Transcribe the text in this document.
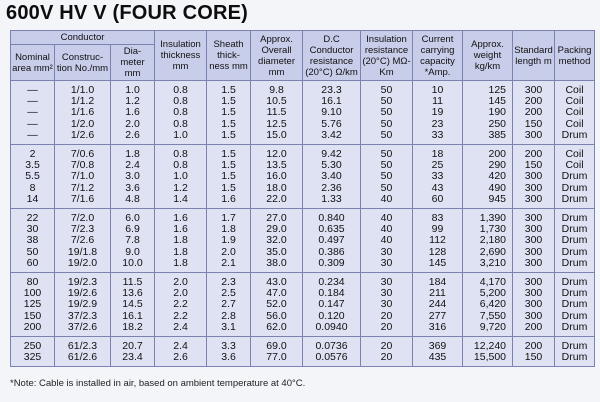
600V HV V (FOUR CORE)
Conductor			Insulation thickness mm	Sheath thick-ness mm	Approx. Overall diameter mm	D.C Conductor resistance (20°C) Ω/km	Insulation resistance (20°C) MΩ-Km	Current carrying capacity *Amp.	Approx. weight kg/km	Standard length m	Packing method
Nominal area mm²	Construc-tion No./mm	Dia-meter mm									
—	1/1.0	1.0	0.8	1.5	9.8	23.3	50	10	125	300	Coil
—	1/1.2	1.2	0.8	1.5	10.5	16.1	50	11	145	200	Coil
—	1/1.6	1.6	0.8	1.5	11.5	9.10	50	19	190	200	Coil
—	1/2.0	2.0	0.8	1.5	12.5	5.76	50	23	250	150	Coil
—	1/2.6	2.6	1.0	1.5	15.0	3.42	50	33	385	300	Drum
2	7/0.6	1.8	0.8	1.5	12.0	9.42	50	18	200	200	Coil
3.5	7/0.8	2.4	0.8	1.5	13.5	5.30	50	25	290	150	Coil
5.5	7/1.0	3.0	1.0	1.5	16.0	3.40	50	33	420	300	Drum
8	7/1.2	3.6	1.2	1.5	18.0	2.36	50	43	490	300	Drum
14	7/1.6	4.8	1.4	1.6	22.0	1.33	40	60	945	300	Drum
22	7/2.0	6.0	1.6	1.7	27.0	0.840	40	83	1,390	300	Drum
30	7/2.3	6.9	1.6	1.8	29.0	0.635	40	99	1,730	300	Drum
38	7/2.6	7.8	1.8	1.9	32.0	0.497	40	112	2,180	300	Drum
50	19/1.8	9.0	1.8	2.0	35.0	0.386	30	128	2,690	300	Drum
60	19/2.0	10.0	1.8	2.1	38.0	0.309	30	145	3,210	300	Drum
80	19/2.3	11.5	2.0	2.3	43.0	0.234	30	184	4,170	300	Drum
100	19/2.6	13.6	2.0	2.5	47.0	0.184	30	211	5,200	300	Drum
125	19/2.9	14.5	2.2	2.7	52.0	0.147	30	244	6,420	300	Drum
150	37/2.3	16.1	2.2	2.8	56.0	0.120	20	277	7,550	300	Drum
200	37/2.6	18.2	2.4	3.1	62.0	0.0940	20	316	9,720	200	Drum
250	61/2.3	20.7	2.4	3.3	69.0	0.0736	20	369	12,240	200	Drum
325	61/2.6	23.4	2.6	3.6	77.0	0.0576	20	435	15,500	150	Drum
*Note: Cable is installed in air, based on ambient temperature at 40°C.
